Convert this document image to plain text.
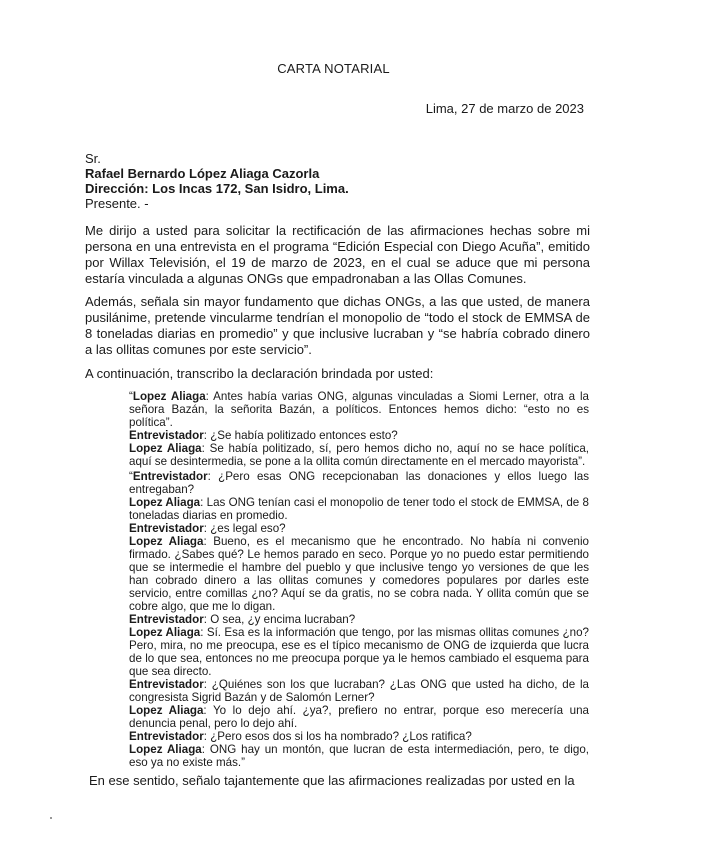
CARTA NOTARIAL
Lima, 27 de marzo de 2023
Sr.
Rafael Bernardo López Aliaga Cazorla
Dirección: Los Incas 172, San Isidro, Lima.
Presente. -
Me dirijo a usted para solicitar la rectificación de las afirmaciones hechas sobre mi persona en una entrevista en el programa “Edición Especial con Diego Acuña”, emitido por Willax Televisión, el 19 de marzo de 2023, en el cual se aduce que mi persona estaría vinculada a algunas ONGs que empadronaban a las Ollas Comunes.
Además, señala sin mayor fundamento que dichas ONGs, a las que usted, de manera pusilánime, pretende vincularme tendrían el monopolio de “todo el stock de EMMSA de 8 toneladas diarias en promedio” y que inclusive lucraban y “se habría cobrado dinero a las ollitas comunes por este servicio”.
A continuación, transcribo la declaración brindada por usted:
“Lopez Aliaga: Antes había varias ONG, algunas vinculadas a Siomi Lerner, otra a la señora Bazán, la señorita Bazán, a políticos. Entonces hemos dicho: “esto no es política”.
Entrevistador: ¿Se había politizado entonces esto?
Lopez Aliaga: Se había politizado, sí, pero hemos dicho no, aquí no se hace política, aquí se desintermedia, se pone a la ollita común directamente en el mercado mayorista”.
“Entrevistador: ¿Pero esas ONG recepcionaban las donaciones y ellos luego las entregaban?
Lopez Aliaga: Las ONG tenían casi el monopolio de tener todo el stock de EMMSA, de 8 toneladas diarias en promedio.
Entrevistador: ¿es legal eso?
Lopez Aliaga: Bueno, es el mecanismo que he encontrado. No había ni convenio firmado. ¿Sabes qué? Le hemos parado en seco. Porque yo no puedo estar permitiendo que se intermedie el hambre del pueblo y que inclusive tengo yo versiones de que les han cobrado dinero a las ollitas comunes y comedores populares por darles este servicio, entre comillas ¿no? Aquí se da gratis, no se cobra nada. Y ollita común que se cobre algo, que me lo digan.
Entrevistador: O sea, ¿y encima lucraban?
Lopez Aliaga: Sí. Esa es la información que tengo, por las mismas ollitas comunes ¿no? Pero, mira, no me preocupa, ese es el típico mecanismo de ONG de izquierda que lucra de lo que sea, entonces no me preocupa porque ya le hemos cambiado el esquema para que sea directo.
Entrevistador: ¿Quiénes son los que lucraban? ¿Las ONG que usted ha dicho, de la congresista Sigrid Bazán y de Salomón Lerner?
Lopez Aliaga: Yo lo dejo ahí. ¿ya?, prefiero no entrar, porque eso merecería una denuncia penal, pero lo dejo ahí.
Entrevistador: ¿Pero esos dos si los ha nombrado? ¿Los ratifica?
Lopez Aliaga: ONG hay un montón, que lucran de esta intermediación, pero, te digo, eso ya no existe más.”
En ese sentido, señalo tajantemente que las afirmaciones realizadas por usted en la
